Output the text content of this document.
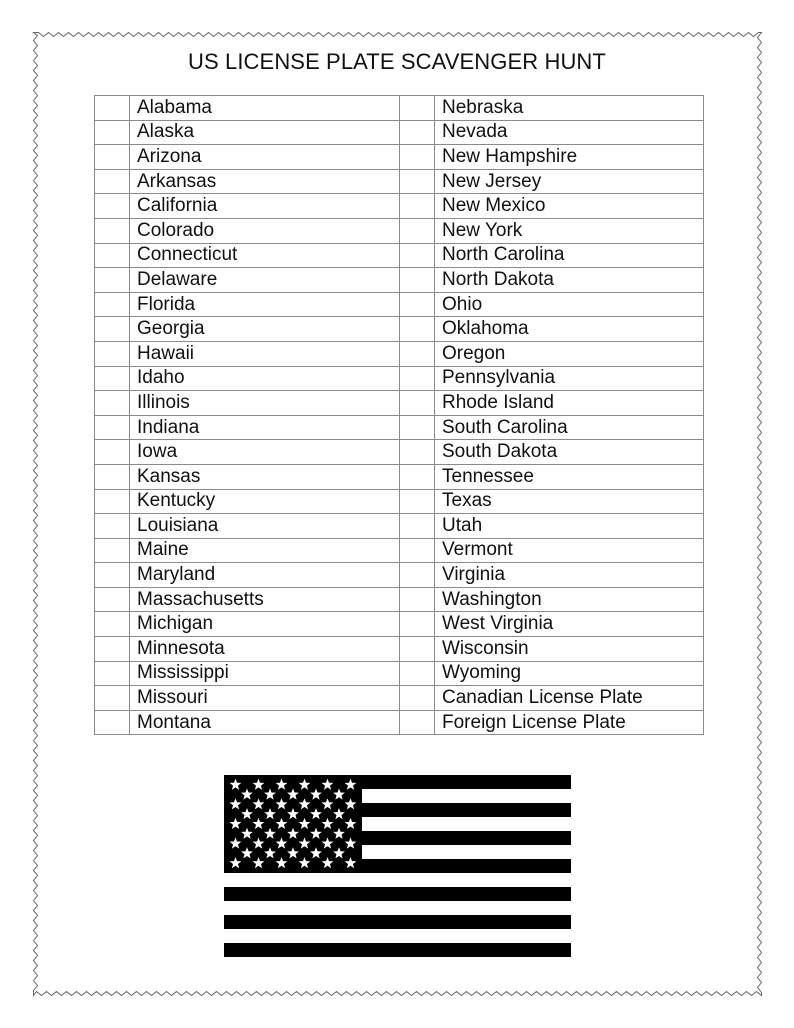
US LICENSE PLATE SCAVENGER HUNT
	Alabama		Nebraska
	Alaska		Nevada
	Arizona		New Hampshire
	Arkansas		New Jersey
	California		New Mexico
	Colorado		New York
	Connecticut		North Carolina
	Delaware		North Dakota
	Florida		Ohio
	Georgia		Oklahoma
	Hawaii		Oregon
	Idaho		Pennsylvania
	Illinois		Rhode Island
	Indiana		South Carolina
	Iowa		South Dakota
	Kansas		Tennessee
	Kentucky		Texas
	Louisiana		Utah
	Maine		Vermont
	Maryland		Virginia
	Massachusetts		Washington
	Michigan		West Virginia
	Minnesota		Wisconsin
	Mississippi		Wyoming
	Missouri		Canadian License Plate
	Montana		Foreign License Plate
